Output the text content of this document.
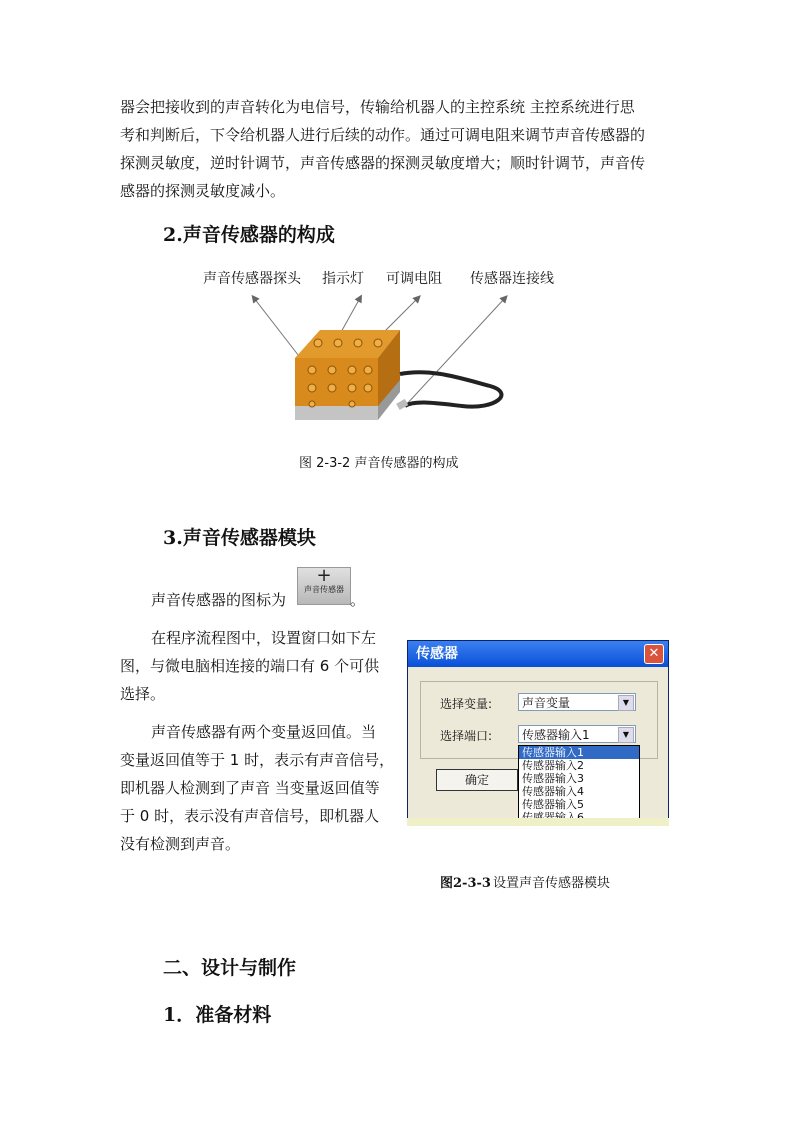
器会把接收到的声音转化为电信号，传输给机器人的主控系统 主控系统进行思

考和判断后，下令给机器人进行后续的动作。通过可调电阻来调节声音传感器的

探测灵敏度，逆时针调节，声音传感器的探测灵敏度增大；顺时针调节，声音传

感器的探测灵敏度减小。

2.声音传感器的构成
声音传感器探头 指示灯 可调电阻 传感器连接线
图 2-3-2 声音传感器的构成
3.声音传感器模块

声音传感器的图标为

+
声音传感器

。

在程序流程图中，设置窗口如下左

图，与微电脑相连接的端口有 6 个可供

选择。

声音传感器有两个变量返回值。当

变量返回值等于 1 时，表示有声音信号，

即机器人检测到了声音 当变量返回值等

于 0 时，表示没有声音信号，即机器人

没有检测到声音。

传感器	✕
选择变量:	声音变量	▼
选择端口:	传感器输入1	▼
确定
传感器输入1
传感器输入2
传感器输入3
传感器输入4
传感器输入5
图2-3-3 设置声音传感器模块
二、设计与制作
1．准备材料
